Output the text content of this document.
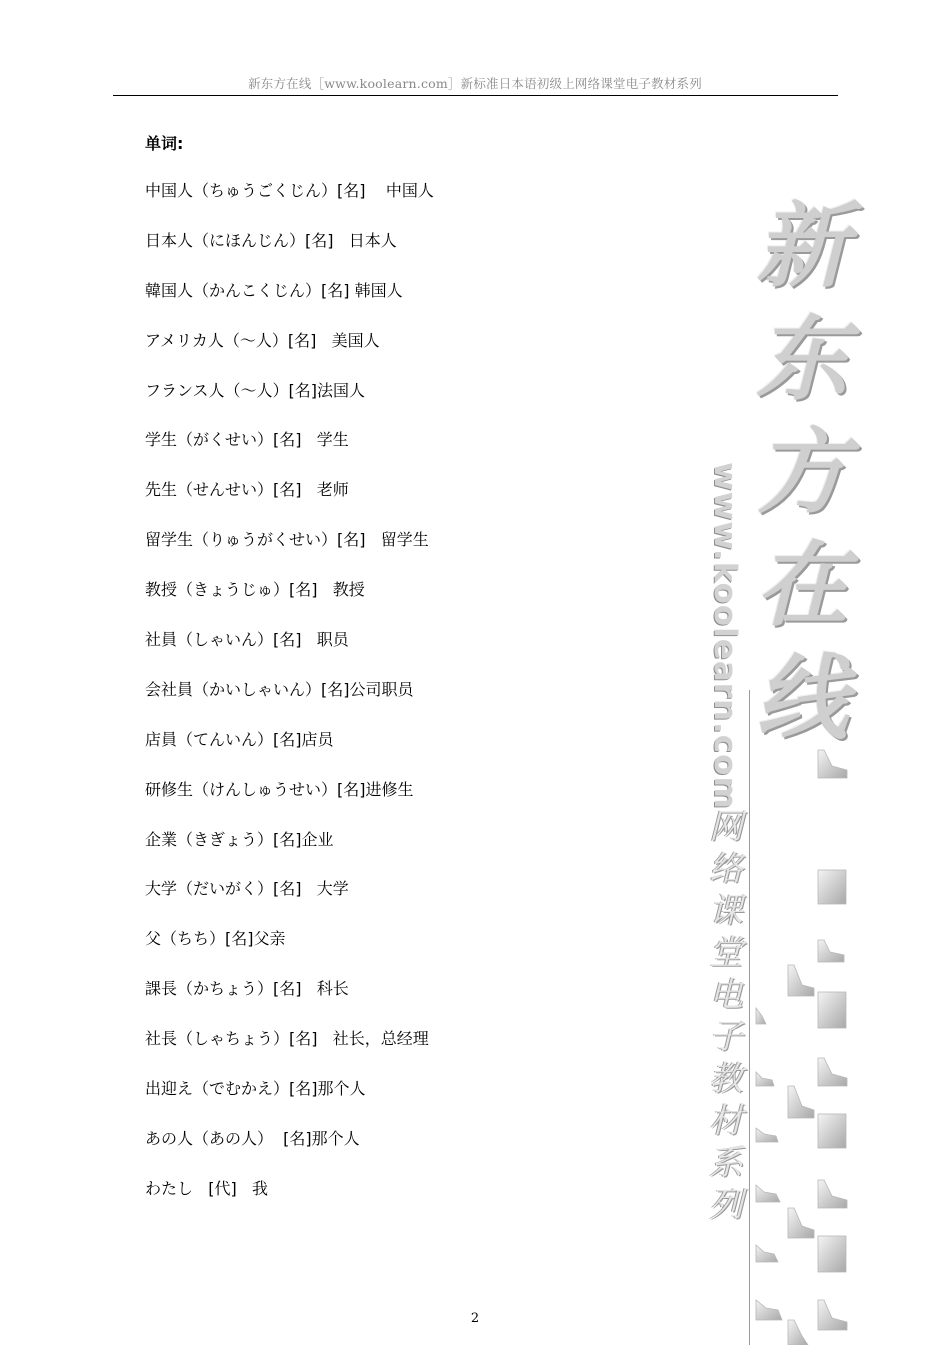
新东方在线［www.koolearn.com］新标准日本语初级上网络课堂电子教材系列
单词:
中国人（ちゅうごくじん）[名]    中国人
日本人（にほんじん）[名]   日本人
韓国人（かんこくじん）[名] 韩国人
アメリカ人（～人）[名]   美国人
フランス人（～人）[名]法国人
学生（がくせい）[名]   学生
先生（せんせい）[名]   老师
留学生（りゅうがくせい）[名]   留学生
教授（きょうじゅ）[名]   教授
社員（しゃいん）[名]   职员
会社員（かいしゃいん）[名]公司职员
店員（てんいん）[名]店员
研修生（けんしゅうせい）[名]进修生
企業（きぎょう）[名]企业
大学（だいがく）[名]   大学
父（ちち）[名]父亲
課長（かちょう）[名]   科长
社長（しゃちょう）[名]   社长，总经理
出迎え（でむかえ）[名]那个人
あの人（あの人）  [名]那个人
わたし   [代]   我
新
东
方
在
线
www.koolearn.com
网
络
课
堂
电
子
教
材
系
列
2
